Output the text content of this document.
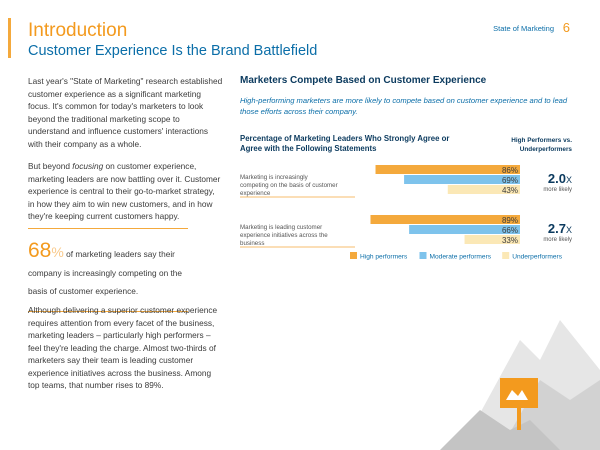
Introduction
Customer Experience Is the Brand Battlefield
State of Marketing 6

Last year's "State of Marketing" research established customer experience as a significant marketing focus. It's common for today's marketers to look beyond the traditional marketing scope to understand and influence customers' interactions with their company as a whole.

But beyond focusing on customer experience, marketing leaders are now battling over it. Customer experience is central to their go-to-market strategy, in how they aim to win new customers, and in how they're keeping current customers happy.

68% of marketing leaders say their company is increasingly competing on the basis of customer experience.
Although delivering a superior customer experience requires attention from every facet of the business, marketing leaders – particularly high performers – feel they're leading the charge. Almost two-thirds of marketers say their team is leading customer experience initiatives across the business. Among top teams, that number rises to 89%.
Marketers Compete Based on Customer Experience
High-performing marketers are more likely to compete based on customer experience and to lead those efforts across their company.
Percentage of Marketing Leaders Who Strongly Agree or Agree with the Following Statements
High Performers vs. Underperformers
Marketing is increasingly competing on the basis of customer experience
86%
69%
43%
2.0X
more likely
Marketing is leading customer experience initiatives across the business
89%
66%
33%
2.7X
more likely
High performers	Moderate performers	Underperformers
